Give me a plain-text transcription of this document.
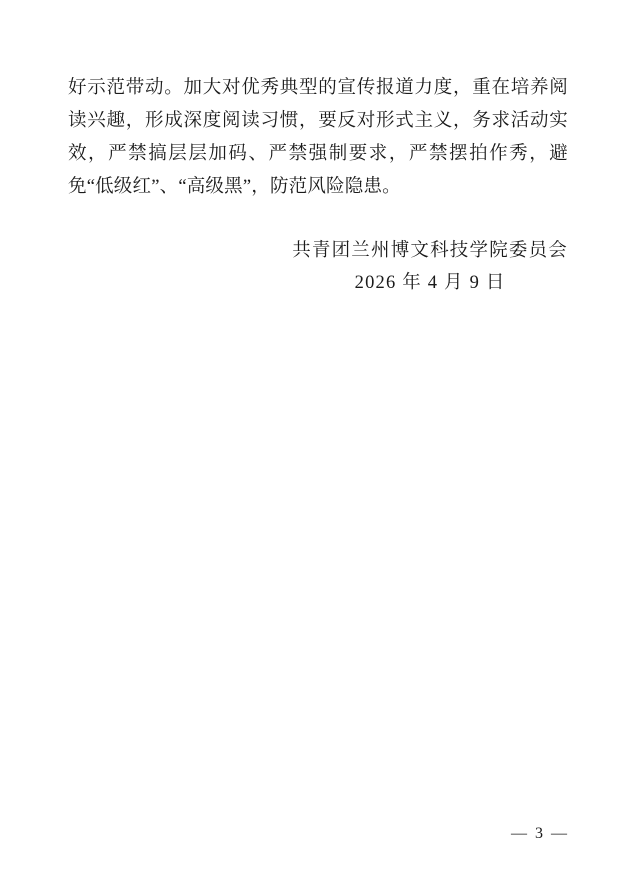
好示范带动。加大对优秀典型的宣传报道力度，重在培养阅读兴趣，形成深度阅读习惯，要反对形式主义，务求活动实效，严禁搞层层加码、严禁强制要求，严禁摆拍作秀，避免“低级红”、“高级黑”，防范风险隐患。

共青团兰州博文科技学院委员会
2026 年 4 月 9 日
— 3 —
